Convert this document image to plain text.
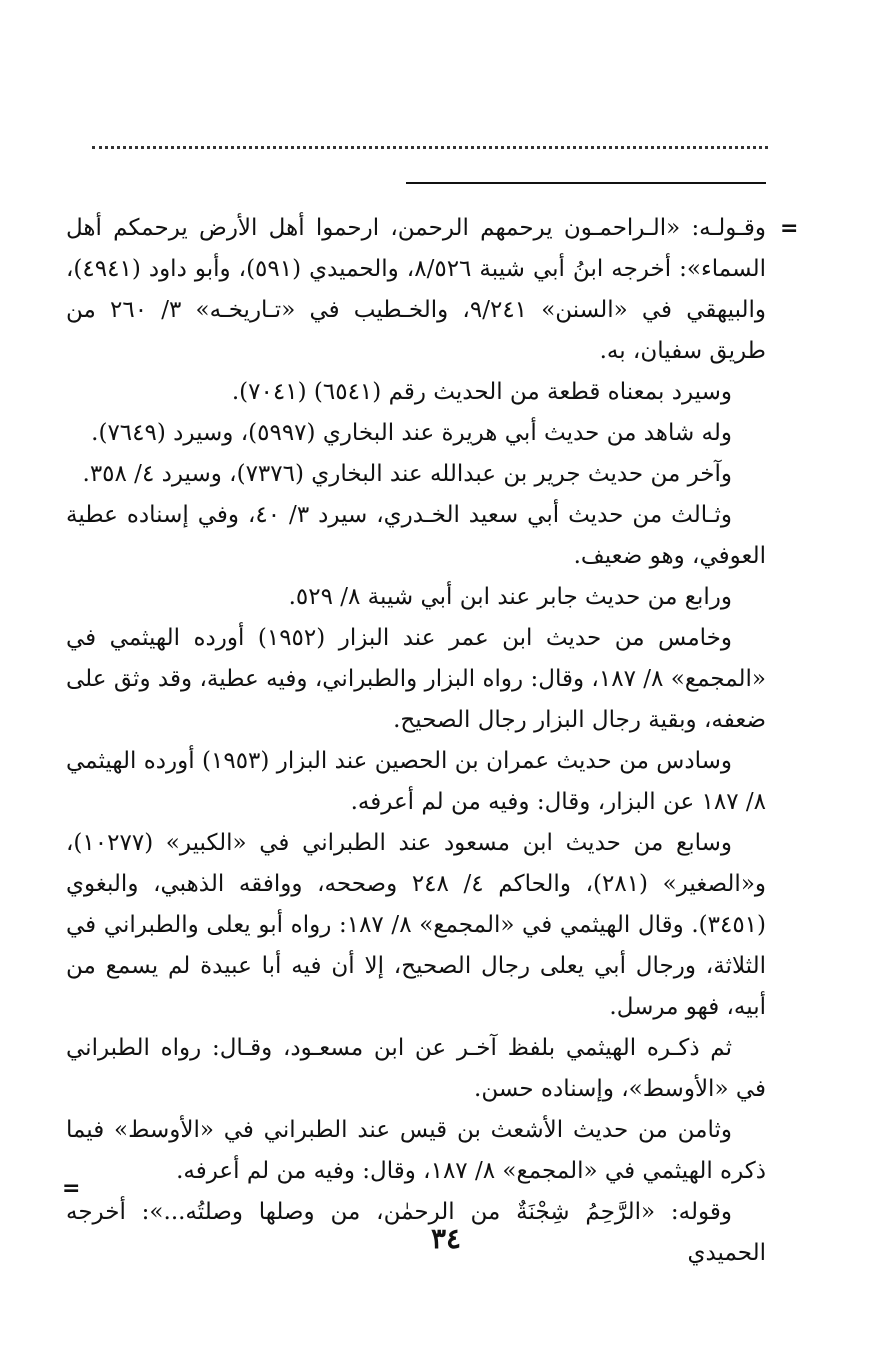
=

وقـولـه: «الـراحمـون يرحمهم الرحمن، ارحموا أهل الأرض يرحمكم أهل السماء»: أخرجه ابنُ أبي شيبة ٨/٥٢٦، والحميدي (٥٩١)، وأبو داود (٤٩٤١)، والبيهقي في «السنن» ٩/٢٤١، والخـطيب في «تـاريخـه» ٣/ ٢٦٠ من طريق سفيان، به.

وسيرد بمعناه قطعة من الحديث رقم (٦٥٤١) (٧٠٤١).

وله شاهد من حديث أبي هريرة عند البخاري (٥٩٩٧)، وسيرد (٧٦٤٩).

وآخر من حديث جرير بن عبدالله عند البخاري (٧٣٧٦)، وسيرد ٤/ ٣٥٨.

وثـالث من حديث أبي سعيد الخـدري، سيرد ٣/ ٤٠، وفي إسناده عطية العوفي، وهو ضعيف.

ورابع من حديث جابر عند ابن أبي شيبة ٨/ ٥٢٩.

وخامس من حديث ابن عمر عند البزار (١٩٥٢) أورده الهيثمي في «المجمع» ٨/ ١٨٧، وقال: رواه البزار والطبراني، وفيه عطية، وقد وثق على ضعفه، وبقية رجال البزار رجال الصحيح.

وسادس من حديث عمران بن الحصين عند البزار (١٩٥٣) أورده الهيثمي ٨/ ١٨٧ عن البزار، وقال: وفيه من لم أعرفه.

وسابع من حديث ابن مسعود عند الطبراني في «الكبير» (١٠٢٧٧)، و«الصغير» (٢٨١)، والحاكم ٤/ ٢٤٨ وصححه، ووافقه الذهبي، والبغوي (٣٤٥١). وقال الهيثمي في «المجمع» ٨/ ١٨٧: رواه أبو يعلى والطبراني في الثلاثة، ورجال أبي يعلى رجال الصحيح، إلا أن فيه أبا عبيدة لم يسمع من أبيه، فهو مرسل.

ثم ذكـره الهيثمي بلفظ آخـر عن ابن مسعـود، وقـال: رواه الطبراني في «الأوسط»، وإسناده حسن.

وثامن من حديث الأشعث بن قيس عند الطبراني في «الأوسط» فيما ذكره الهيثمي في «المجمع» ٨/ ١٨٧، وقال: وفيه من لم أعرفه.

وقوله: «الرَّحِمُ شِجْنَةٌ من الرحمٰن، من وصلها وصلتُه...»: أخرجه الحميدي

=
٣٤
